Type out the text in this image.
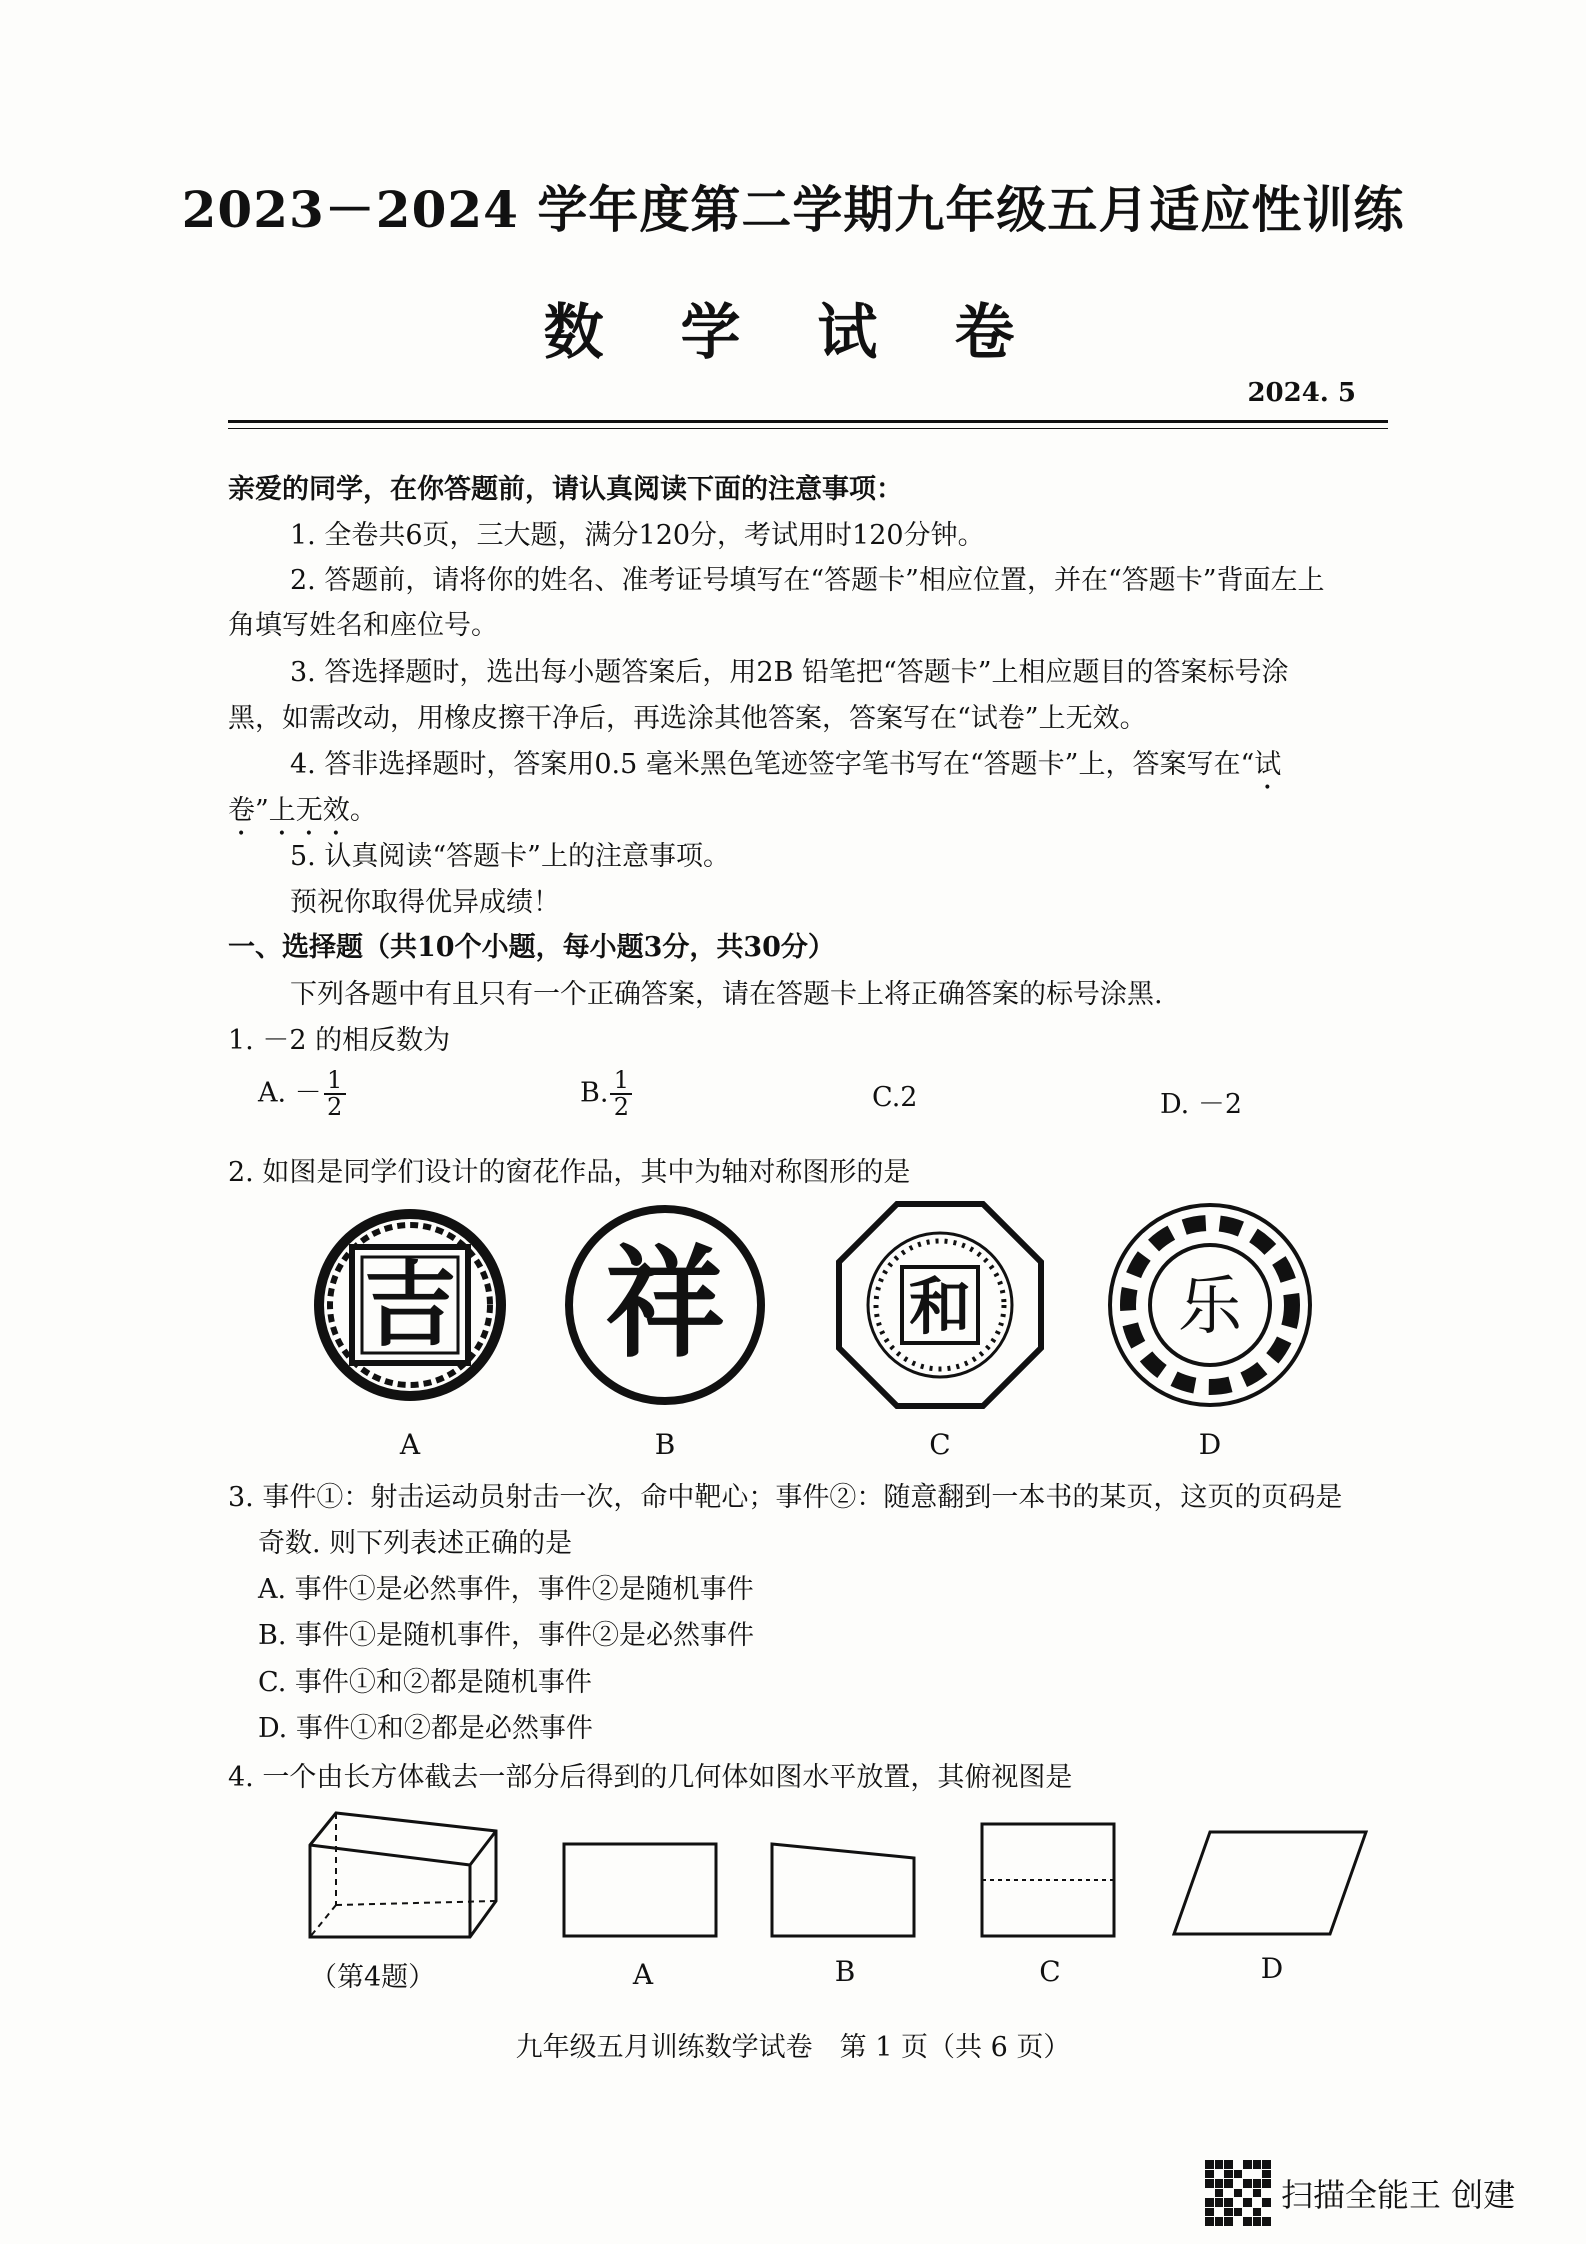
2023－2024 学年度第二学期九年级五月适应性训练
数 学 试 卷
2024. 5
亲爱的同学，在你答题前，请认真阅读下面的注意事项：
1. 全卷共6页，三大题，满分120分，考试用时120分钟。
2. 答题前，请将你的姓名、准考证号填写在“答题卡”相应位置，并在“答题卡”背面左上
角填写姓名和座位号。
3. 答选择题时，选出每小题答案后，用2B 铅笔把“答题卡”上相应题目的答案标号涂
黑，如需改动，用橡皮擦干净后，再选涂其他答案，答案写在“试卷”上无效。
4. 答非选择题时，答案用0.5 毫米黑色笔迹签字笔书写在“答题卡”上，答案写在“试
卷”上无效。
5. 认真阅读“答题卡”上的注意事项。
预祝你取得优异成绩！
一、选择题（共10个小题，每小题3分，共30分）
下列各题中有且只有一个正确答案，请在答题卡上将正确答案的标号涂黑.
1. －2 的相反数为
A. － $\frac{1}{2}$	B. $\frac{1}{2}$	C.2	D. －2
2. 如图是同学们设计的窗花作品，其中为轴对称图形的是
吉 祥	和	乐
A	B	C	D
3. 事件①：射击运动员射击一次，命中靶心；事件②：随意翻到一本书的某页，这页的页码是
奇数. 则下列表述正确的是
A. 事件①是必然事件，事件②是随机事件
B. 事件①是随机事件，事件②是必然事件
C. 事件①和②都是随机事件
D. 事件①和②都是必然事件
4. 一个由长方体截去一部分后得到的几何体如图水平放置，其俯视图是
（第4题）	A	B	C	D
九年级五月训练数学试卷　第 1 页（共 6 页）
扫描全能王 创建
